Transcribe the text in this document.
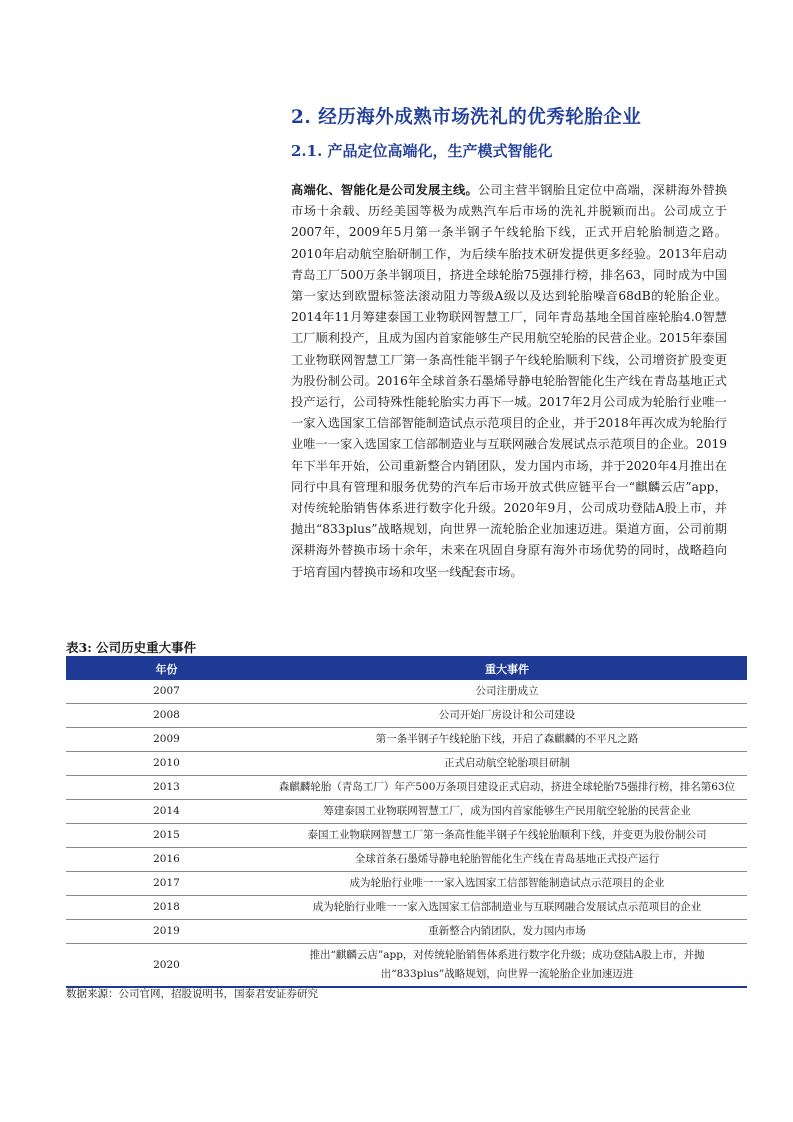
2. 经历海外成熟市场洗礼的优秀轮胎企业
2.1. 产品定位高端化，生产模式智能化
高端化、智能化是公司发展主线。公司主营半钢胎且定位中高端，深耕海外替换市场十余载、历经美国等极为成熟汽车后市场的洗礼并脱颖而出。公司成立于2007年，2009年5月第一条半钢子午线轮胎下线，正式开启轮胎制造之路。2010年启动航空胎研制工作，为后续车胎技术研发提供更多经验。2013年启动青岛工厂500万条半钢项目，挤进全球轮胎75强排行榜，排名63，同时成为中国第一家达到欧盟标签法滚动阻力等级A级以及达到轮胎噪音68dB的轮胎企业。2014年11月筹建泰国工业物联网智慧工厂，同年青岛基地全国首座轮胎4.0智慧工厂顺利投产，且成为国内首家能够生产民用航空轮胎的民营企业。2015年泰国工业物联网智慧工厂第一条高性能半钢子午线轮胎顺利下线，公司增资扩股变更为股份制公司。2016年全球首条石墨烯导静电轮胎智能化生产线在青岛基地正式投产运行，公司特殊性能轮胎实力再下一城。2017年2月公司成为轮胎行业唯一一家入选国家工信部智能制造试点示范项目的企业，并于2018年再次成为轮胎行业唯一一家入选国家工信部制造业与互联网融合发展试点示范项目的企业。2019年下半年开始，公司重新整合内销团队，发力国内市场，并于2020年4月推出在同行中具有管理和服务优势的汽车后市场开放式供应链平台一“麒麟云店”app，对传统轮胎销售体系进行数字化升级。2020年9月，公司成功登陆A股上市，并抛出“833plus”战略规划，向世界一流轮胎企业加速迈进。渠道方面，公司前期深耕海外替换市场十余年，未来在巩固自身原有海外市场优势的同时，战略趋向于培育国内替换市场和攻坚一线配套市场。
表3: 公司历史重大事件
年份	重大事件
2007	公司注册成立
2008	公司开始厂房设计和公司建设
2009	第一条半钢子午线轮胎下线，开启了森麒麟的不平凡之路
2010	正式启动航空轮胎项目研制
2013	森麒麟轮胎（青岛工厂）年产500万条项目建设正式启动，挤进全球轮胎75强排行榜，排名第63位
2014	筹建泰国工业物联网智慧工厂，成为国内首家能够生产民用航空轮胎的民营企业
2015	泰国工业物联网智慧工厂第一条高性能半钢子午线轮胎顺利下线，并变更为股份制公司
2016	全球首条石墨烯导静电轮胎智能化生产线在青岛基地正式投产运行
2017	成为轮胎行业唯一一家入选国家工信部智能制造试点示范项目的企业
2018	成为轮胎行业唯一一家入选国家工信部制造业与互联网融合发展试点示范项目的企业
2019	重新整合内销团队，发力国内市场
2020	推出“麒麟云店”app，对传统轮胎销售体系进行数字化升级；成功登陆A股上市，并抛出“833plus”战略规划，向世界一流轮胎企业加速迈进
数据来源：公司官网，招股说明书，国泰君安证券研究
